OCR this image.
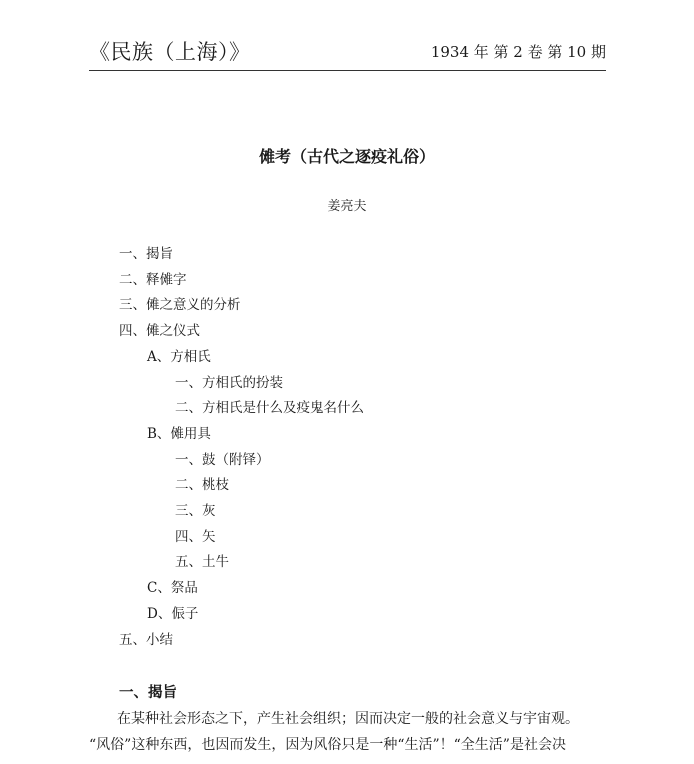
《民族（上海）》	1934 年 第 2 卷 第 10 期
傩考（古代之逐疫礼俗）
姜亮夫
一、揭旨
二、释傩字
三、傩之意义的分析
四、傩之仪式
A、方相氏
一、方相氏的扮装
二、方相氏是什么及疫鬼名什么
B、傩用具
一、鼓（附铎）
二、桃枝
三、灰
四、矢
五、土牛
C、祭品
D、侲子
五、小结
一、揭旨
　　在某种社会形态之下，产生社会组织；因而决定一般的社会意义与宇宙观。
“风俗”这种东西，也因而发生，因为风俗只是一种“生活”！“全生活”是社会决
